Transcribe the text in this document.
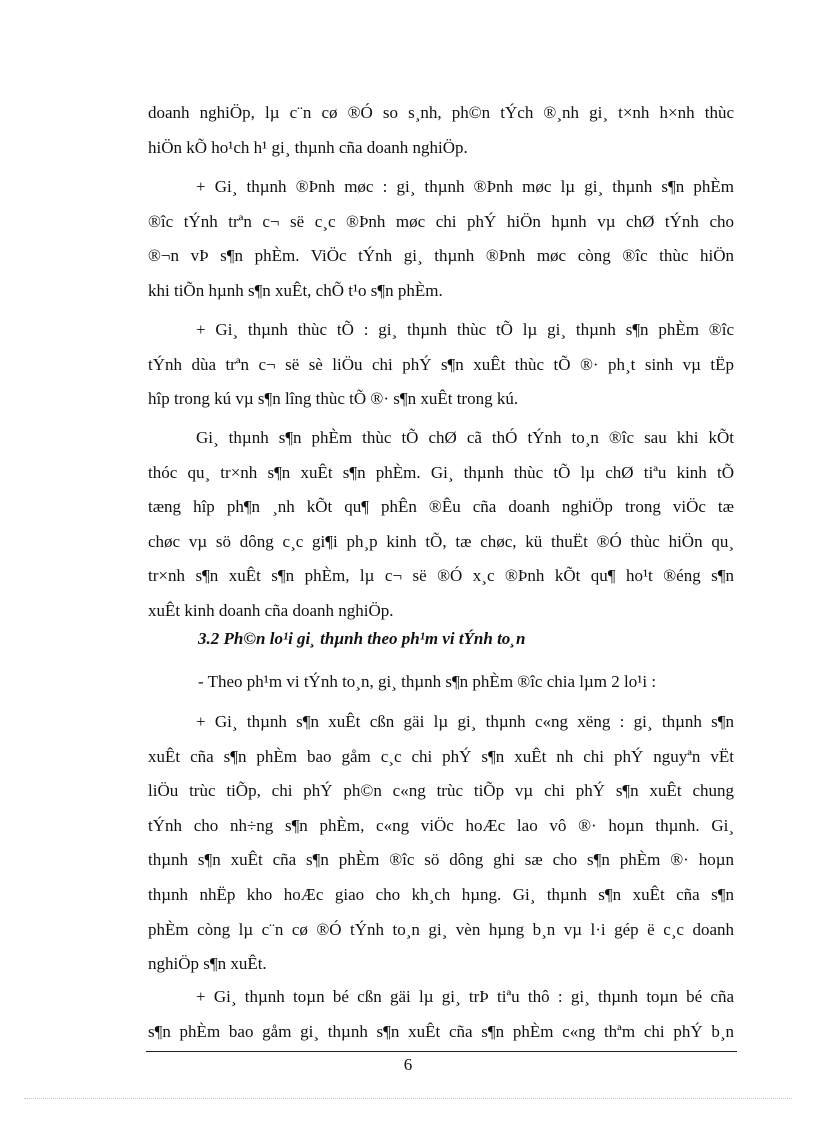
doanh nghiÖp, lµ c¨n cø ®Ó so s¸nh, ph©n tÝch ®¸nh gi¸ t×nh h×nh thùc
hiÖn kÕ ho¹ch h¹ gi¸ thµnh cña doanh nghiÖp.

+ Gi¸ thµnh ®Þnh møc : gi¸ thµnh ®Þnh møc lµ gi¸ thµnh s¶n phÈm
®îc tÝnh trªn c¬ së c¸c ®Þnh møc chi phÝ hiÖn hµnh vµ chØ tÝnh cho
®¬n vÞ s¶n phÈm. ViÖc tÝnh gi¸ thµnh ®Þnh møc còng ®îc thùc hiÖn
khi tiÕn hµnh s¶n xuÊt, chÕ t¹o s¶n phÈm.

+ Gi¸ thµnh thùc tÕ : gi¸ thµnh thùc tÕ lµ gi¸ thµnh s¶n phÈm ®îc
tÝnh dùa trªn c¬ së sè liÖu chi phÝ s¶n xuÊt thùc tÕ ®· ph¸t sinh vµ tËp
hîp trong kú vµ s¶n lîng thùc tÕ ®· s¶n xuÊt trong kú.

Gi¸ thµnh s¶n phÈm thùc tÕ chØ cã thÓ tÝnh to¸n ®îc sau khi kÕt
thóc qu¸ tr×nh s¶n xuÊt s¶n phÈm. Gi¸ thµnh thùc tÕ lµ chØ tiªu kinh tÕ
tæng hîp ph¶n ¸nh kÕt qu¶ phÊn ®Êu cña doanh nghiÖp trong viÖc tæ
chøc vµ sö dông c¸c gi¶i ph¸p kinh tÕ, tæ chøc, kü thuËt ®Ó thùc hiÖn qu¸
tr×nh s¶n xuÊt s¶n phÈm, lµ c¬ së ®Ó x¸c ®Þnh kÕt qu¶ ho¹t ®éng s¶n
xuÊt kinh doanh cña doanh nghiÖp.

3.2 Ph©n lo¹i gi¸ thµnh theo ph¹m vi tÝnh to¸n

- Theo ph¹m vi tÝnh to¸n, gi¸ thµnh s¶n phÈm ®îc chia lµm 2 lo¹i :

+ Gi¸ thµnh s¶n xuÊt cßn gäi lµ gi¸ thµnh c«ng xëng : gi¸ thµnh s¶n
xuÊt cña s¶n phÈm bao gåm c¸c chi phÝ s¶n xuÊt nh chi phÝ nguyªn vËt
liÖu trùc tiÕp, chi phÝ ph©n c«ng trùc tiÕp vµ chi phÝ s¶n xuÊt chung
tÝnh cho nh÷ng s¶n phÈm, c«ng viÖc hoÆc lao vô ®· hoµn thµnh. Gi¸
thµnh s¶n xuÊt cña s¶n phÈm ®îc sö dông ghi sæ cho s¶n phÈm ®· hoµn
thµnh nhËp kho hoÆc giao cho kh¸ch hµng. Gi¸ thµnh s¶n xuÊt cña s¶n
phÈm còng lµ c¨n cø ®Ó tÝnh to¸n gi¸ vèn hµng b¸n vµ l·i gép ë c¸c doanh
nghiÖp s¶n xuÊt.

+ Gi¸ thµnh toµn bé cßn gäi lµ gi¸ trÞ tiªu thô : gi¸ thµnh toµn bé cña
s¶n phÈm bao gåm gi¸ thµnh s¶n xuÊt cña s¶n phÈm c«ng thªm chi phÝ b¸n

6
